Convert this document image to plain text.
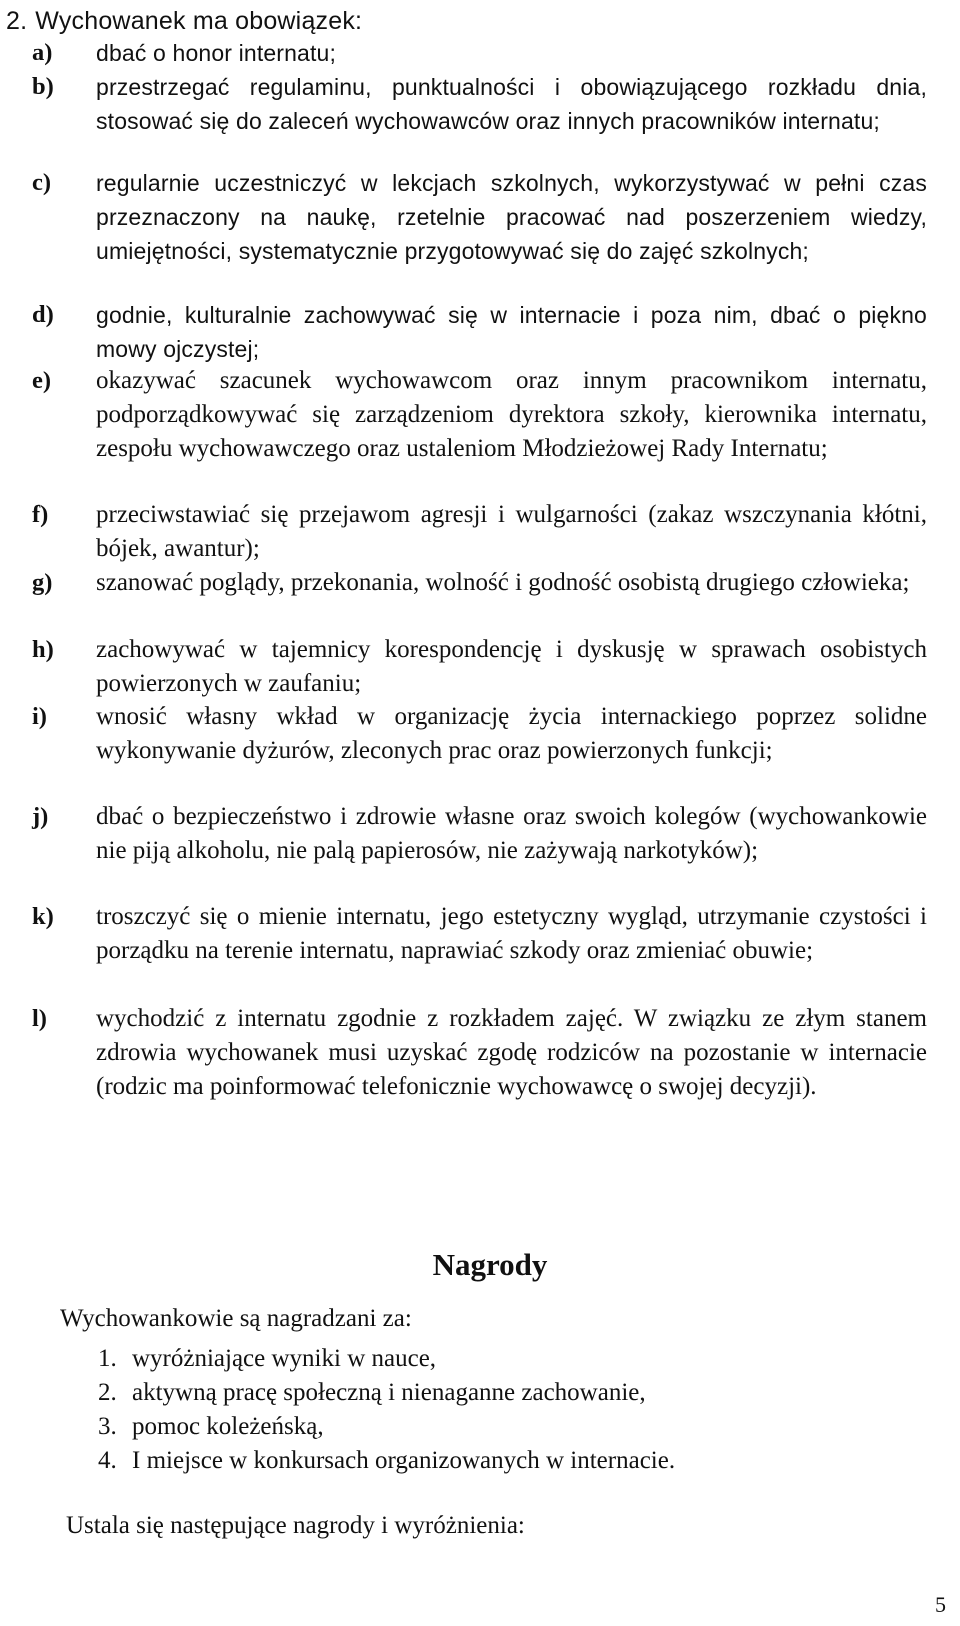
2. Wychowanek ma obowiązek:
a)	dbać o honor internatu;
b)	przestrzegać regulaminu, punktualności i obowiązującego rozkładu dnia, stosować się do zaleceń wychowawców oraz innych pracowników internatu;
c)	regularnie uczestniczyć w lekcjach szkolnych, wykorzystywać w pełni czas przeznaczony na naukę, rzetelnie pracować nad poszerzeniem wiedzy, umiejętności, systematycznie przygotowywać się do zajęć szkolnych;
d)	godnie, kulturalnie zachowywać się w internacie i poza nim, dbać o piękno mowy ojczystej;
e)	okazywać szacunek wychowawcom oraz innym pracownikom internatu, podporządkowywać się zarządzeniom dyrektora szkoły, kierownika internatu, zespołu wychowawczego oraz ustaleniom Młodzieżowej Rady Internatu;
f)	przeciwstawiać się przejawom agresji i wulgarności (zakaz wszczynania kłótni, bójek, awantur);
g)	szanować poglądy, przekonania, wolność i godność osobistą drugiego człowieka;
h)	zachowywać w tajemnicy korespondencję i dyskusję w sprawach osobistych powierzonych w zaufaniu;
i)	wnosić własny wkład w organizację życia internackiego poprzez solidne wykonywanie dyżurów, zleconych prac oraz powierzonych funkcji;
j)	dbać o bezpieczeństwo i zdrowie własne oraz swoich kolegów (wychowankowie nie piją alkoholu, nie palą papierosów, nie zażywają narkotyków);
k)	troszczyć się o mienie internatu, jego estetyczny wygląd, utrzymanie czystości i porządku na terenie internatu, naprawiać szkody oraz zmieniać obuwie;
l)	wychodzić z internatu zgodnie z rozkładem zajęć. W związku ze złym stanem zdrowia wychowanek musi uzyskać zgodę rodziców na pozostanie w internacie (rodzic ma poinformować telefonicznie wychowawcę o swojej decyzji).
Nagrody
Wychowankowie są nagradzani za:
1. wyróżniające wyniki w nauce,
2. aktywną pracę społeczną i nienaganne zachowanie,
3. pomoc koleżeńską,
4. I miejsce w konkursach organizowanych w internacie.
Ustala się następujące nagrody i wyróżnienia:
5
